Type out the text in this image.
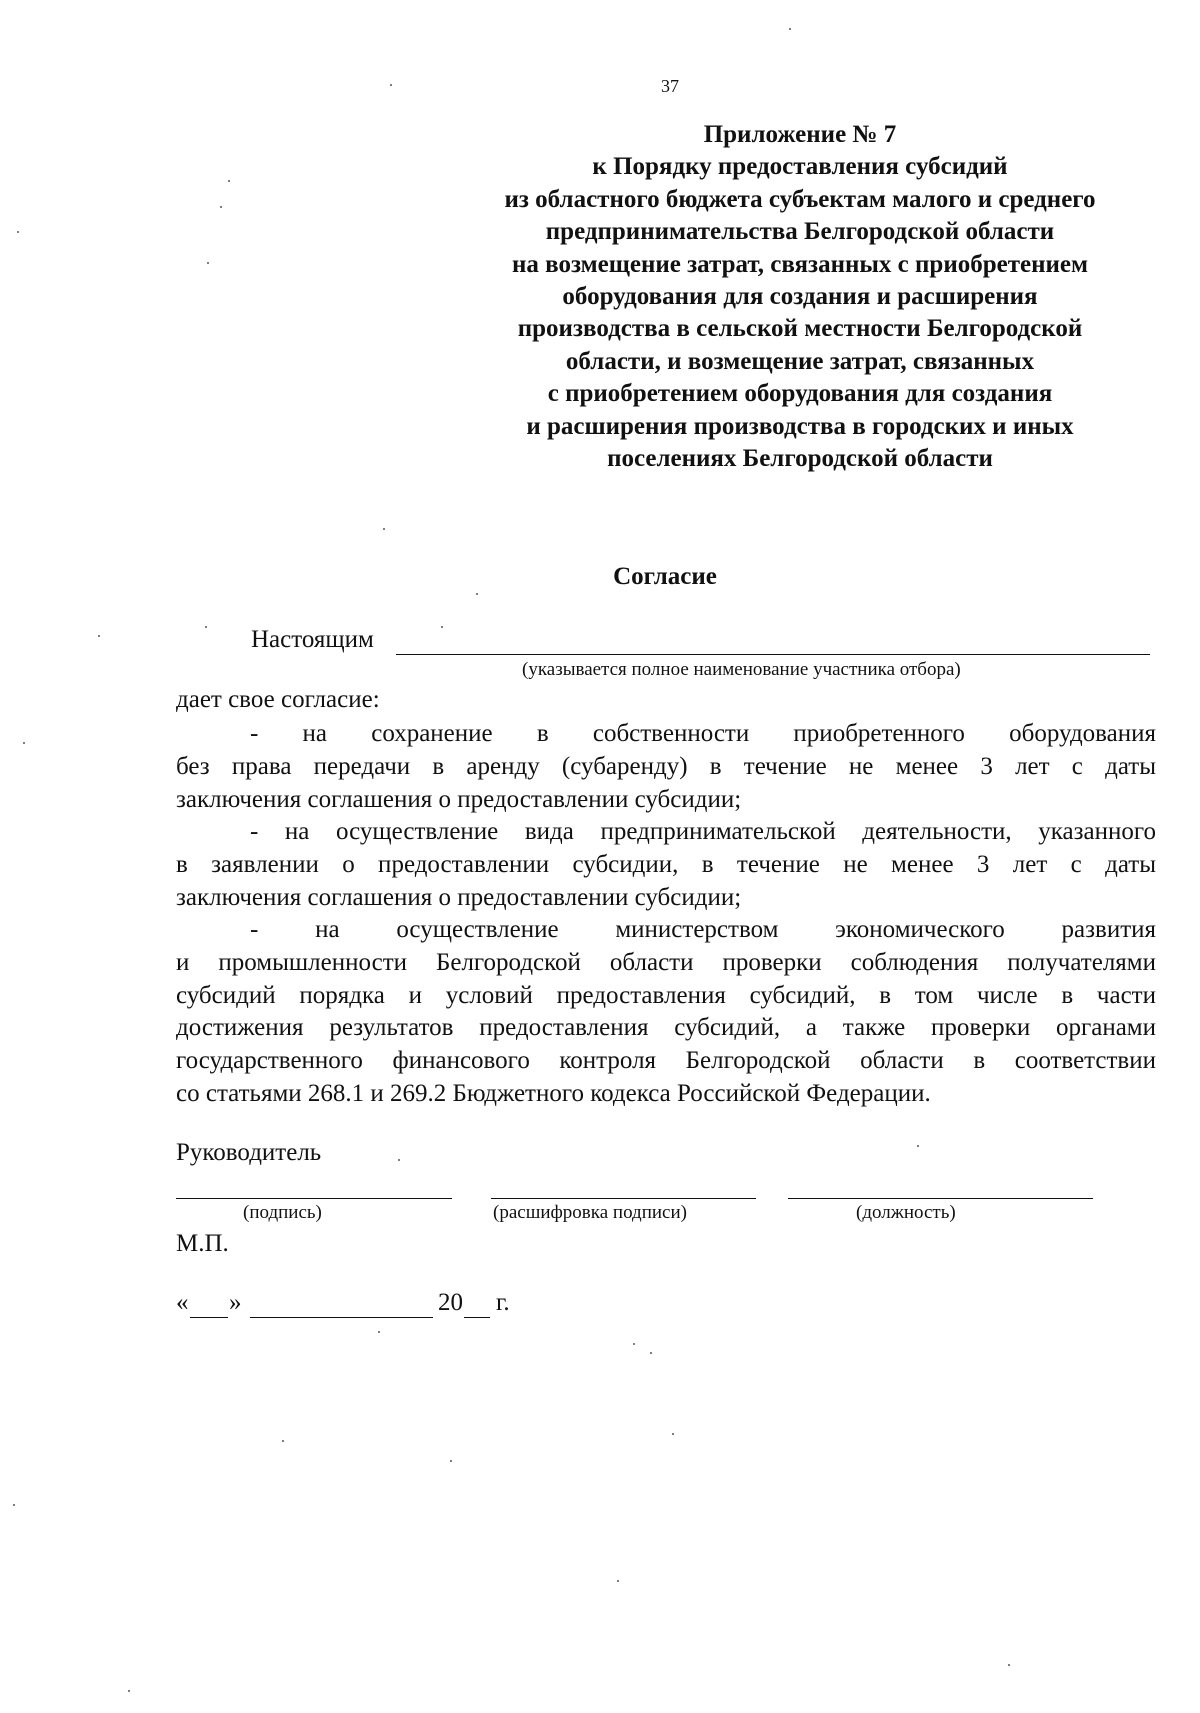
37
Приложение № 7
к Порядку предоставления субсидий
из областного бюджета субъектам малого и среднего
предпринимательства Белгородской области
на возмещение затрат, связанных с приобретением
оборудования для создания и расширения
производства в сельской местности Белгородской
области, и возмещение затрат, связанных
с приобретением оборудования для создания
и расширения производства в городских и иных
поселениях Белгородской области
Согласие
Настоящим
(указывается полное наименование участника отбора)
дает свое согласие:
- на сохранение в собственности приобретенного оборудования
без права передачи в аренду (субаренду) в течение не менее 3 лет с даты
заключения соглашения о предоставлении субсидии;
- на осуществление вида предпринимательской деятельности, указанного
в заявлении о предоставлении субсидии, в течение не менее 3 лет с даты
заключения соглашения о предоставлении субсидии;
- на осуществление министерством экономического развития
и промышленности Белгородской области проверки соблюдения получателями
субсидий порядка и условий предоставления субсидий, в том числе в части
достижения результатов предоставления субсидий, а также проверки органами
государственного финансового контроля Белгородской области в соответствии
со статьями 268.1 и 269.2 Бюджетного кодекса Российской Федерации.
Руководитель
(подпись)	(расшифровка подписи)	(должность)
М.П.
« »	20 г.
